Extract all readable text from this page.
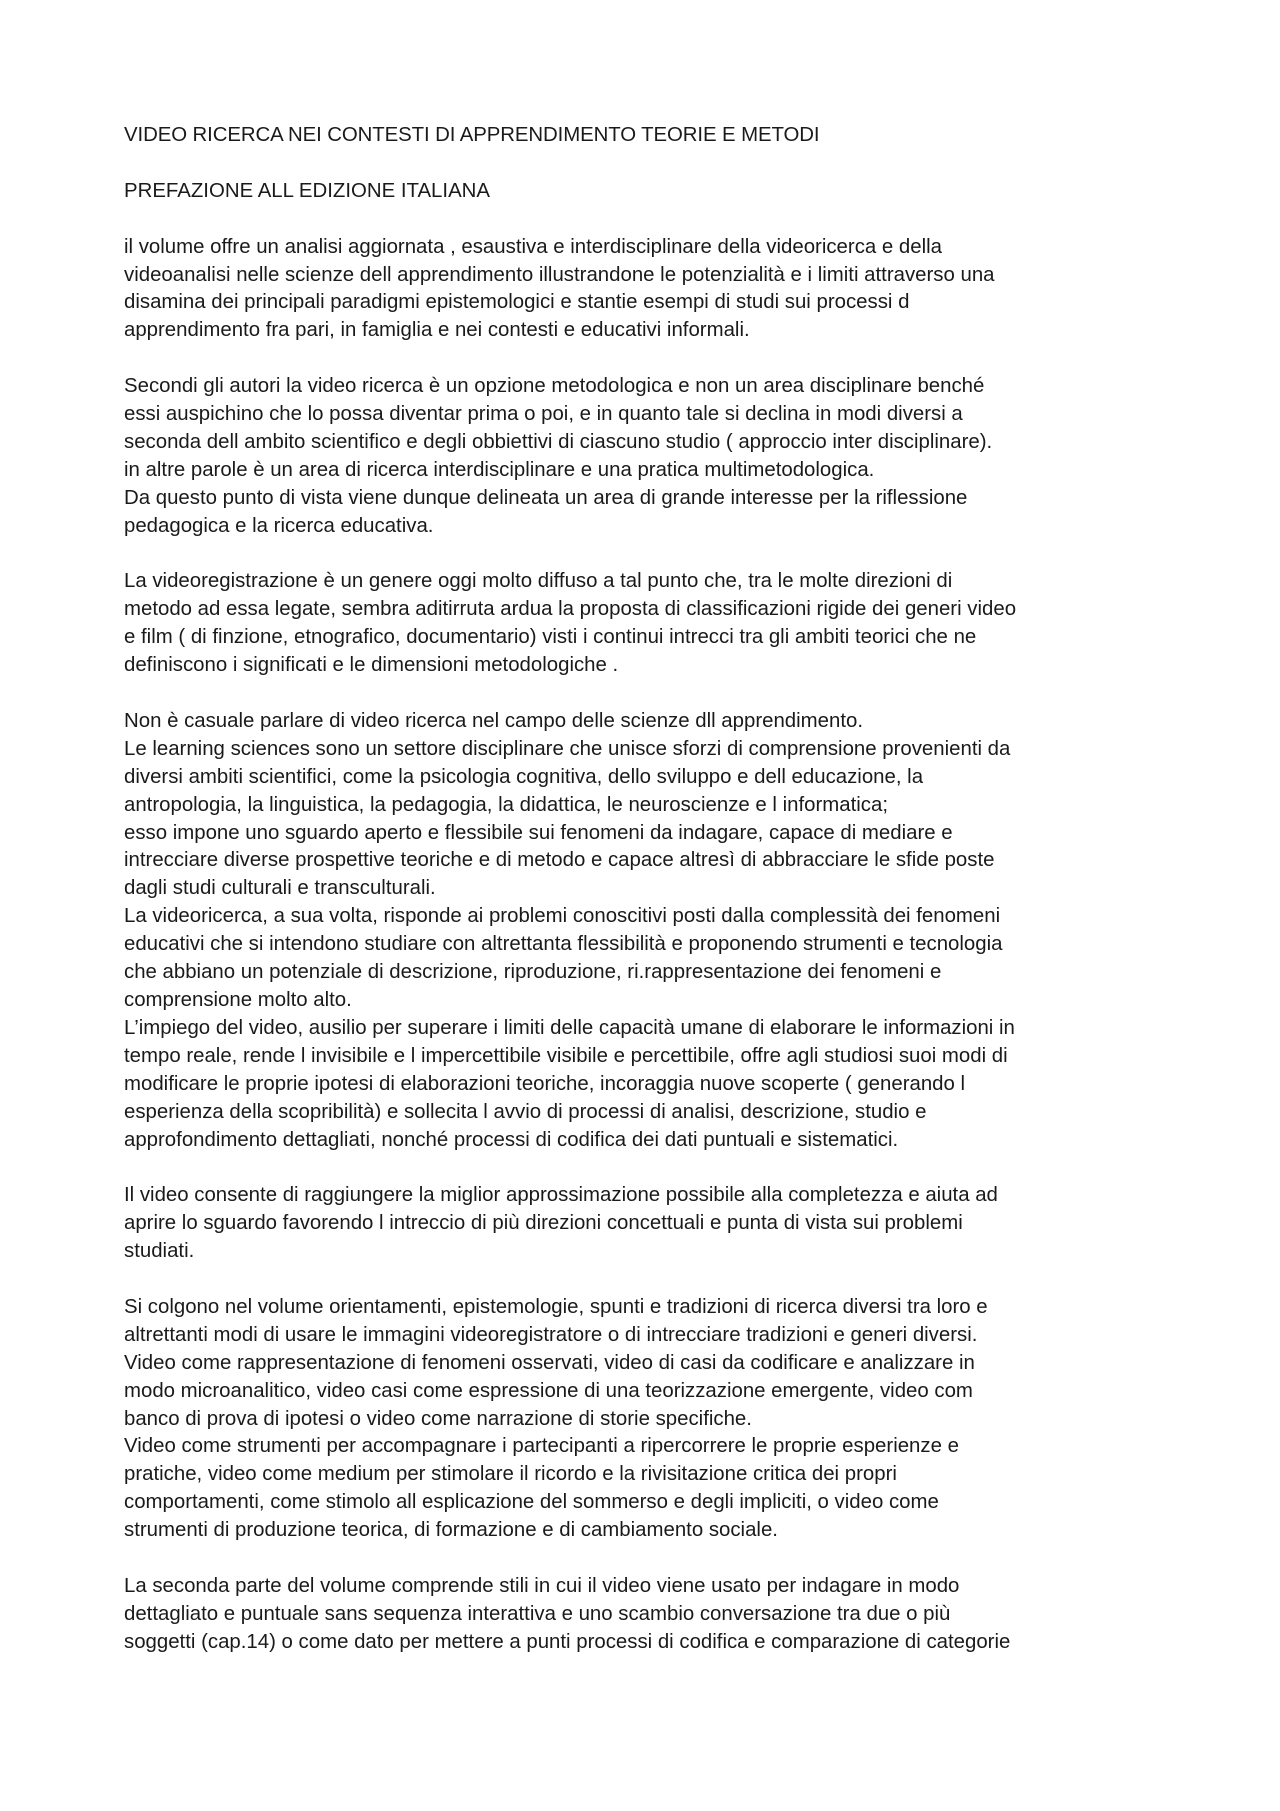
VIDEO RICERCA NEI CONTESTI DI APPRENDIMENTO TEORIE E METODI
PREFAZIONE ALL EDIZIONE ITALIANA
il volume offre un analisi aggiornata , esaustiva e interdisciplinare della videoricerca e della
videoanalisi nelle scienze dell apprendimento illustrandone le potenzialità e i limiti attraverso una
disamina dei principali paradigmi epistemologici e stantie esempi di studi sui processi d
apprendimento fra pari, in famiglia e nei contesti e educativi informali.
Secondi gli autori la video ricerca è un opzione metodologica e non un area disciplinare benché
essi auspichino che lo possa diventar prima o poi, e in quanto tale si declina in modi diversi a
seconda dell ambito scientifico e degli obbiettivi di ciascuno studio ( approccio inter disciplinare).
in altre parole è un area di ricerca interdisciplinare e una pratica multimetodologica.
Da questo punto di vista viene dunque delineata un area di grande interesse per la riflessione
pedagogica e la ricerca educativa.
La videoregistrazione è un genere oggi molto diffuso a tal punto che, tra le molte direzioni di
metodo ad essa legate, sembra aditirruta ardua la proposta di classificazioni rigide dei generi video
e film ( di finzione, etnografico, documentario) visti i continui intrecci tra gli ambiti teorici che ne
definiscono i significati e le dimensioni metodologiche .
Non è casuale parlare di video ricerca nel campo delle scienze dll apprendimento.
Le learning sciences sono un settore disciplinare che unisce sforzi di comprensione provenienti da
diversi ambiti scientifici, come la psicologia cognitiva, dello sviluppo e dell educazione, la
antropologia, la linguistica, la pedagogia, la didattica, le neuroscienze e l informatica;
esso impone uno sguardo aperto e flessibile sui fenomeni da indagare, capace di mediare e
intrecciare diverse prospettive teoriche e di metodo e capace altresì di abbracciare le sfide poste
dagli studi culturali e transculturali.
La videoricerca, a sua volta, risponde ai problemi conoscitivi posti dalla complessità dei fenomeni
educativi che si intendono studiare con altrettanta flessibilità e proponendo strumenti e tecnologia
che abbiano un potenziale di descrizione, riproduzione, ri.rappresentazione dei fenomeni e
comprensione molto alto.
L’impiego del video, ausilio per superare i limiti delle capacità umane di elaborare le informazioni in
tempo reale, rende l invisibile e l impercettibile visibile e percettibile, offre agli studiosi suoi modi di
modificare le proprie ipotesi di elaborazioni teoriche, incoraggia nuove scoperte ( generando l
esperienza della scopribilità) e sollecita l avvio di processi di analisi, descrizione, studio e
approfondimento dettagliati, nonché processi di codifica dei dati puntuali e sistematici.
Il video consente di raggiungere la miglior approssimazione possibile alla completezza e aiuta ad
aprire lo sguardo favorendo l intreccio di più direzioni concettuali e punta di vista sui problemi
studiati.
Si colgono nel volume orientamenti, epistemologie, spunti e tradizioni di ricerca diversi tra loro e
altrettanti modi di usare le immagini videoregistratore o di intrecciare tradizioni e generi diversi.
Video come rappresentazione di fenomeni osservati, video di casi da codificare e analizzare in
modo microanalitico, video casi come espressione di una teorizzazione emergente, video com
banco di prova di ipotesi o video come narrazione di storie specifiche.
Video come strumenti per accompagnare i partecipanti a ripercorrere le proprie esperienze e
pratiche, video come medium per stimolare il ricordo e la rivisitazione critica dei propri
comportamenti, come stimolo all esplicazione del sommerso e degli impliciti, o video come
strumenti di produzione teorica, di formazione e di cambiamento sociale.
La seconda parte del volume comprende stili in cui il video viene usato per indagare in modo
dettagliato e puntuale sans sequenza interattiva e uno scambio conversazione tra due o più
soggetti (cap.14) o come dato per mettere a punti processi di codifica e comparazione di categorie
